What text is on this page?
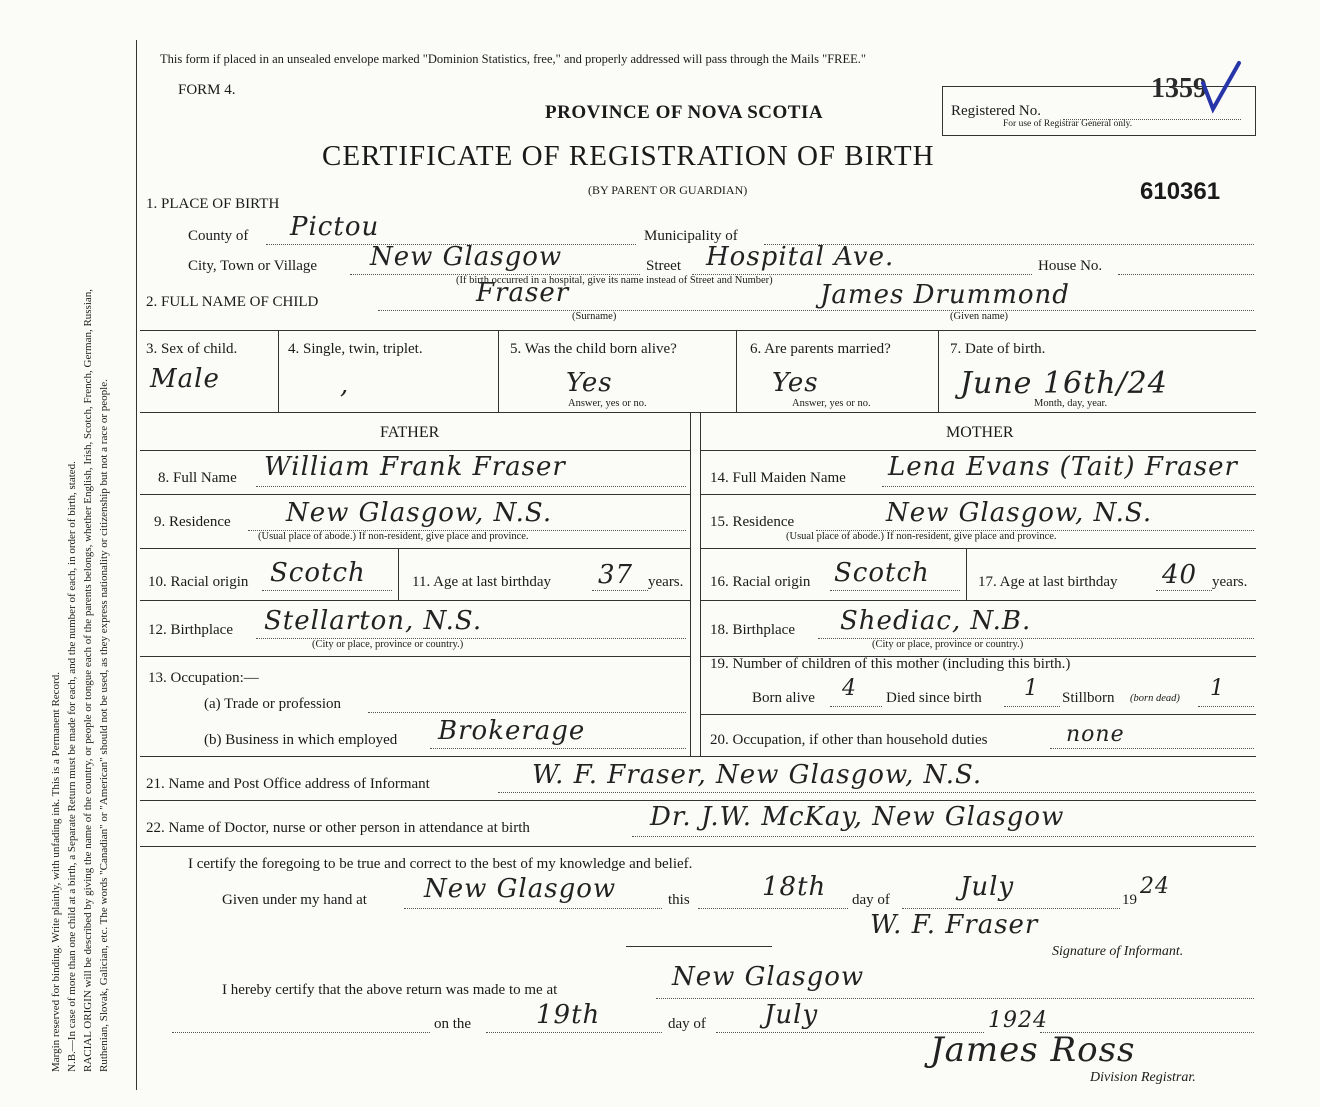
Margin reserved for binding. Write plainly, with unfading ink. This is a Permanent Record. N.B.—In case of more than one child at a birth, a Separate Return must be made for each, and the number of each, in order of birth, stated. RACIAL ORIGIN will be described by giving the name of the country, or people or tongue each of the parents belongs, whether English, Irish, Scotch, French, German, Russian, Ruthenian, Slovak, Galician, etc. The words "Canadian" or "American" should not be used, as they express nationality or citizenship but not a race or people.
This form if placed in an unsealed envelope marked "Dominion Statistics, free," and properly addressed will pass through the Mails "FREE."
FORM 4.
PROVINCE OF NOVA SCOTIA
CERTIFICATE OF REGISTRATION OF BIRTH
(BY PARENT OR GUARDIAN)
Registered No.
For use of Registrar General only.
1359
610361
1. PLACE OF BIRTH
County of Pictou	Municipality of
City, Town or Village New Glasgow	Street Hospital Ave.	House No.
(If birth occurred in a hospital, give its name instead of Street and Number)
2. FULL NAME OF CHILD	Fraser
(Surname)
James Drummond
(Given name)
3. Sex of child.
Male
4. Single, twin, triplet.
,
5. Was the child born alive?
Yes
Answer, yes or no.
6. Are parents married?
Yes
Answer, yes or no.
7. Date of birth.
June 16th/24
Month, day, year.
FATHER	MOTHER
8. Full Name William Frank Fraser
9. Residence New Glasgow, N.S.
(Usual place of abode.) If non-resident, give place and province.
10. Racial origin Scotch	11. Age at last birthday 37 years.
12. Birthplace Stellarton, N.S.
(City or place, province or country.)
13. Occupation:—
(a) Trade or profession
(b) Business in which employed Brokerage
14. Full Maiden Name Lena Evans (Tait) Fraser
15. Residence	New Glasgow, N.S.
(Usual place of abode.) If non-resident, give place and province.
16. Racial origin Scotch	17. Age at last birthday 40 years.
18. Birthplace Shediac, N.B.
(City or place, province or country.)
19. Number of children of this mother (including this birth.)
Born alive 4 Died since birth 1 Stillborn (born dead) 1
20. Occupation, if other than household duties	none
21. Name and Post Office address of Informant	W. F. Fraser, New Glasgow, N.S.
22. Name of Doctor, nurse or other person in attendance at birth	Dr. J.W. McKay, New Glasgow
I certify the foregoing to be true and correct to the best of my knowledge and belief.
Given under my hand at New Glasgow	this	18th day of	July	19
24
W. F. Fraser
Signature of Informant.
I hereby certify that the above return was made to me at	New Glasgow
on the 19th	day of July	1924
James Ross
Division Registrar.
